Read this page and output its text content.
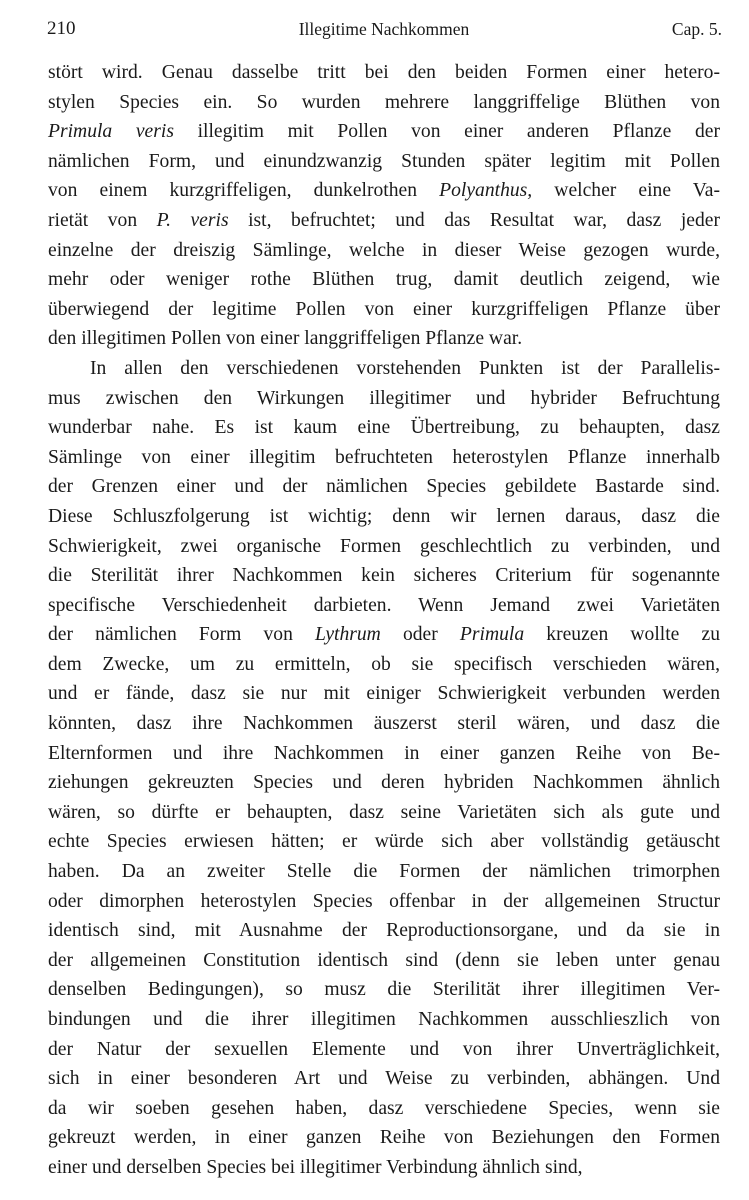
210	Illegitime Nachkommen	Cap. 5.
stört wird. Genau dasselbe tritt bei den beiden Formen einer hetero-
stylen Species ein. So wurden mehrere langgriffelige Blüthen von
Primula veris illegitim mit Pollen von einer anderen Pflanze der
nämlichen Form, und einundzwanzig Stunden später legitim mit Pollen
von einem kurzgriffeligen, dunkelrothen Polyanthus, welcher eine Va-
rietät von P. veris ist, befruchtet; und das Resultat war, dasz jeder
einzelne der dreiszig Sämlinge, welche in dieser Weise gezogen wurde,
mehr oder weniger rothe Blüthen trug, damit deutlich zeigend, wie
überwiegend der legitime Pollen von einer kurzgriffeligen Pflanze über
den illegitimen Pollen von einer langgriffeligen Pflanze war.
In allen den verschiedenen vorstehenden Punkten ist der Parallelis-
mus zwischen den Wirkungen illegitimer und hybrider Befruchtung
wunderbar nahe. Es ist kaum eine Übertreibung, zu behaupten, dasz
Sämlinge von einer illegitim befruchteten heterostylen Pflanze innerhalb
der Grenzen einer und der nämlichen Species gebildete Bastarde sind.
Diese Schluszfolgerung ist wichtig; denn wir lernen daraus, dasz die
Schwierigkeit, zwei organische Formen geschlechtlich zu verbinden, und
die Sterilität ihrer Nachkommen kein sicheres Criterium für sogenannte
specifische Verschiedenheit darbieten. Wenn Jemand zwei Varietäten
der nämlichen Form von Lythrum oder Primula kreuzen wollte zu
dem Zwecke, um zu ermitteln, ob sie specifisch verschieden wären,
und er fände, dasz sie nur mit einiger Schwierigkeit verbunden werden
könnten, dasz ihre Nachkommen äuszerst steril wären, und dasz die
Elternformen und ihre Nachkommen in einer ganzen Reihe von Be-
ziehungen gekreuzten Species und deren hybriden Nachkommen ähnlich
wären, so dürfte er behaupten, dasz seine Varietäten sich als gute und
echte Species erwiesen hätten; er würde sich aber vollständig getäuscht
haben. Da an zweiter Stelle die Formen der nämlichen trimorphen
oder dimorphen heterostylen Species offenbar in der allgemeinen Structur
identisch sind, mit Ausnahme der Reproductionsorgane, und da sie in
der allgemeinen Constitution identisch sind (denn sie leben unter genau
denselben Bedingungen), so musz die Sterilität ihrer illegitimen Ver-
bindungen und die ihrer illegitimen Nachkommen ausschlieszlich von
der Natur der sexuellen Elemente und von ihrer Unverträglichkeit,
sich in einer besonderen Art und Weise zu verbinden, abhängen. Und
da wir soeben gesehen haben, dasz verschiedene Species, wenn sie
gekreuzt werden, in einer ganzen Reihe von Beziehungen den Formen
einer und derselben Species bei illegitimer Verbindung ähnlich sind,
